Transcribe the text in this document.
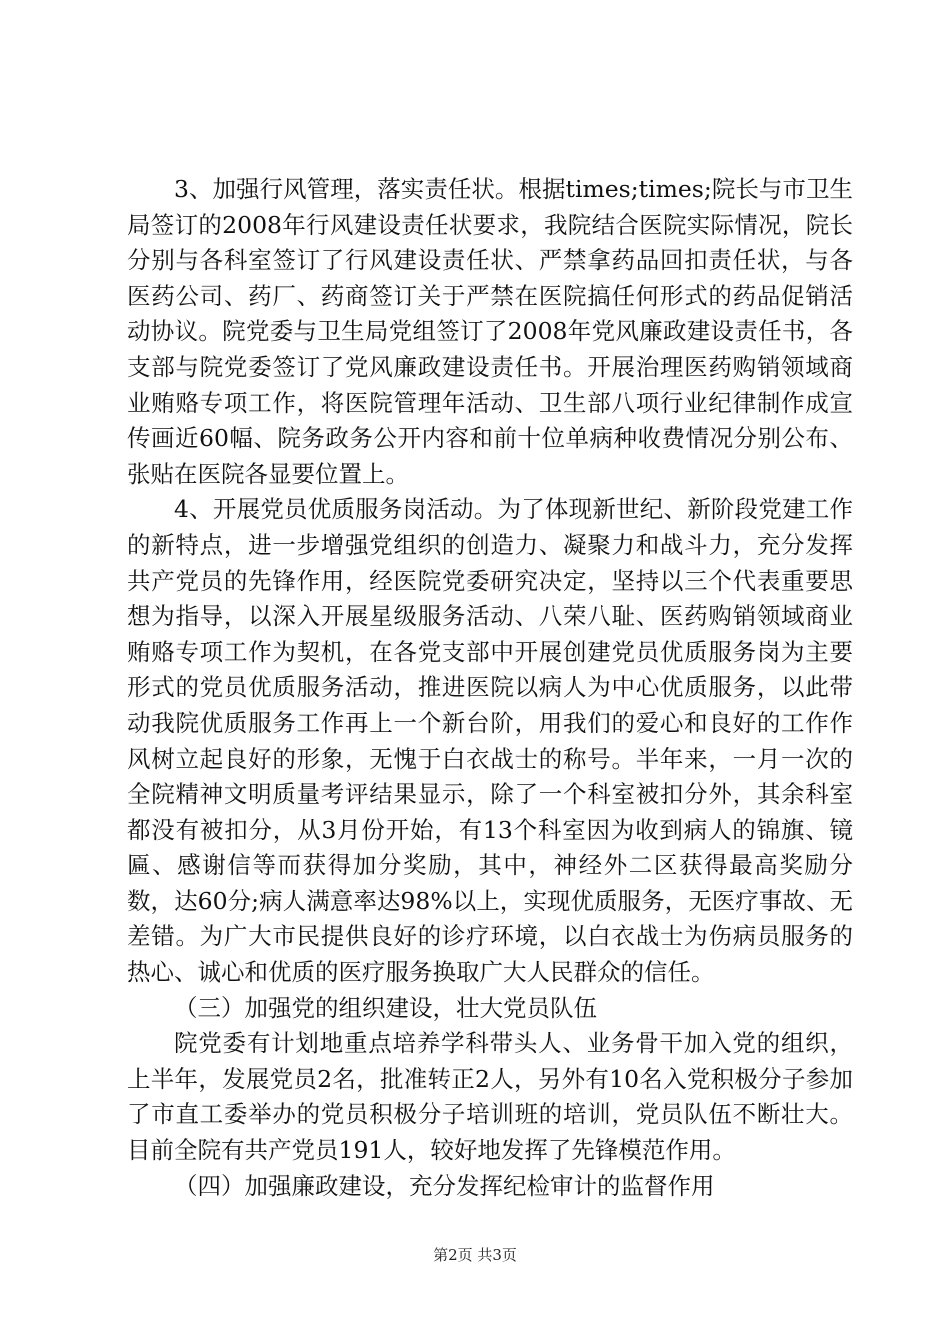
3、加强行风管理，落实责任状。根据times;times;院长与市卫生局签订的2008年行风建设责任状要求，我院结合医院实际情况，院长分别与各科室签订了行风建设责任状、严禁拿药品回扣责任状，与各医药公司、药厂、药商签订关于严禁在医院搞任何形式的药品促销活动协议。院党委与卫生局党组签订了2008年党风廉政建设责任书，各支部与院党委签订了党风廉政建设责任书。开展治理医药购销领域商业贿赂专项工作，将医院管理年活动、卫生部八项行业纪律制作成宣传画近60幅、院务政务公开内容和前十位单病种收费情况分别公布、张贴在医院各显要位置上。

4、开展党员优质服务岗活动。为了体现新世纪、新阶段党建工作的新特点，进一步增强党组织的创造力、凝聚力和战斗力，充分发挥共产党员的先锋作用，经医院党委研究决定，坚持以三个代表重要思想为指导，以深入开展星级服务活动、八荣八耻、医药购销领域商业贿赂专项工作为契机，在各党支部中开展创建党员优质服务岗为主要形式的党员优质服务活动，推进医院以病人为中心优质服务，以此带动我院优质服务工作再上一个新台阶，用我们的爱心和良好的工作作风树立起良好的形象，无愧于白衣战士的称号。半年来，一月一次的全院精神文明质量考评结果显示，除了一个科室被扣分外，其余科室都没有被扣分，从3月份开始，有13个科室因为收到病人的锦旗、镜匾、感谢信等而获得加分奖励，其中，神经外二区获得最高奖励分数，达60分;病人满意率达98%以上，实现优质服务，无医疗事故、无差错。为广大市民提供良好的诊疗环境，以白衣战士为伤病员服务的热心、诚心和优质的医疗服务换取广大人民群众的信任。

（三）加强党的组织建设，壮大党员队伍

院党委有计划地重点培养学科带头人、业务骨干加入党的组织，上半年，发展党员2名，批准转正2人，另外有10名入党积极分子参加了市直工委举办的党员积极分子培训班的培训，党员队伍不断壮大。目前全院有共产党员191人，较好地发挥了先锋模范作用。

（四）加强廉政建设，充分发挥纪检审计的监督作用

第2页 共3页
